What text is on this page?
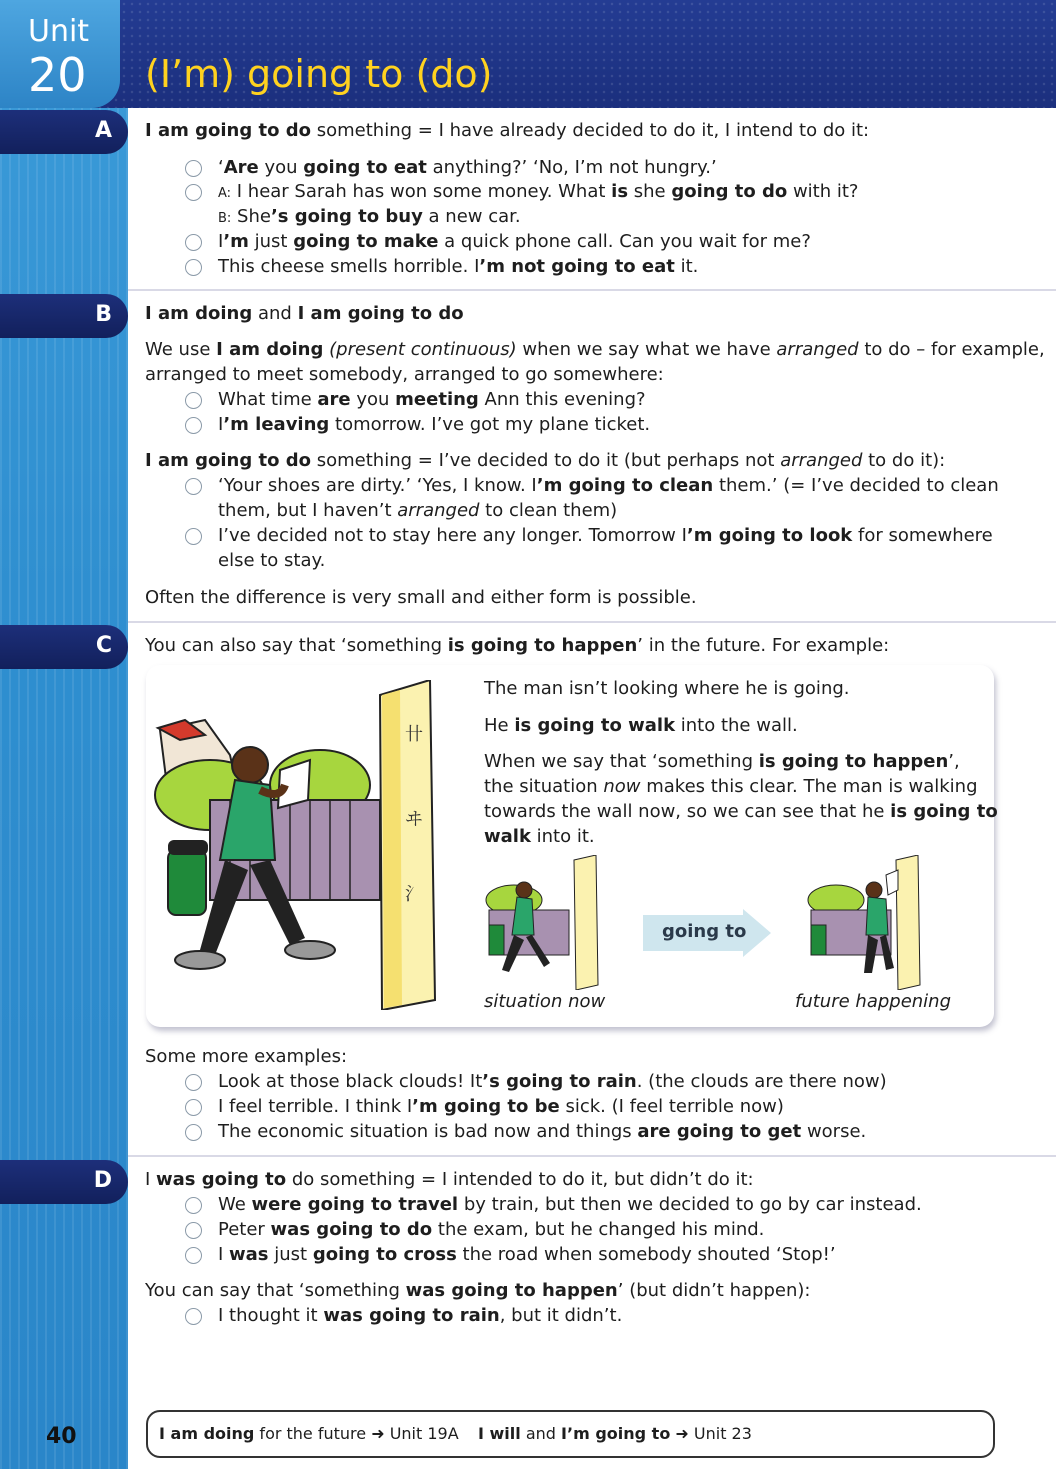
Unit
20 (I’m) going to (do)
A
B
C
D
I am going to do something = I have already decided to do it, I intend to do it:
‘Are you going to eat anything?’ ‘No, I’m not hungry.’
A: I hear Sarah has won some money. What is she going to do with it?
B: She’s going to buy a new car.
I’m just going to make a quick phone call. Can you wait for me?
This cheese smells horrible. I’m not going to eat it.
I am doing and I am going to do
We use I am doing (present continuous) when we say what we have arranged to do – for example,
arranged to meet somebody, arranged to go somewhere:
What time are you meeting Ann this evening?
I’m leaving tomorrow. I’ve got my plane ticket.
I am going to do something = I’ve decided to do it (but perhaps not arranged to do it):
‘Your shoes are dirty.’ ‘Yes, I know. I’m going to clean them.’ (= I’ve decided to clean
them, but I haven’t arranged to clean them)
I’ve decided not to stay here any longer. Tomorrow I’m going to look for somewhere
else to stay.
Often the difference is very small and either form is possible.
You can also say that ‘something is going to happen’ in the future. For example:
卄
ヰ
⺡
The man isn’t looking where he is going.
He is going to walk into the wall.
When we say that ‘something is going to happen’,
the situation now makes this clear. The man is walking
towards the wall now, so we can see that he is going to
walk into it.
going to
situation now	future happening
Some more examples:
Look at those black clouds! It’s going to rain. (the clouds are there now)
I feel terrible. I think I’m going to be sick. (I feel terrible now)
The economic situation is bad now and things are going to get worse.
I was going to do something = I intended to do it, but didn’t do it:
We were going to travel by train, but then we decided to go by car instead.
Peter was going to do the exam, but he changed his mind.
I was just going to cross the road when somebody shouted ‘Stop!’
You can say that ‘something was going to happen’ (but didn’t happen):
I thought it was going to rain, but it didn’t.
I am doing for the future ➜ Unit 19A I will and I’m going to ➜ Unit 23
40
